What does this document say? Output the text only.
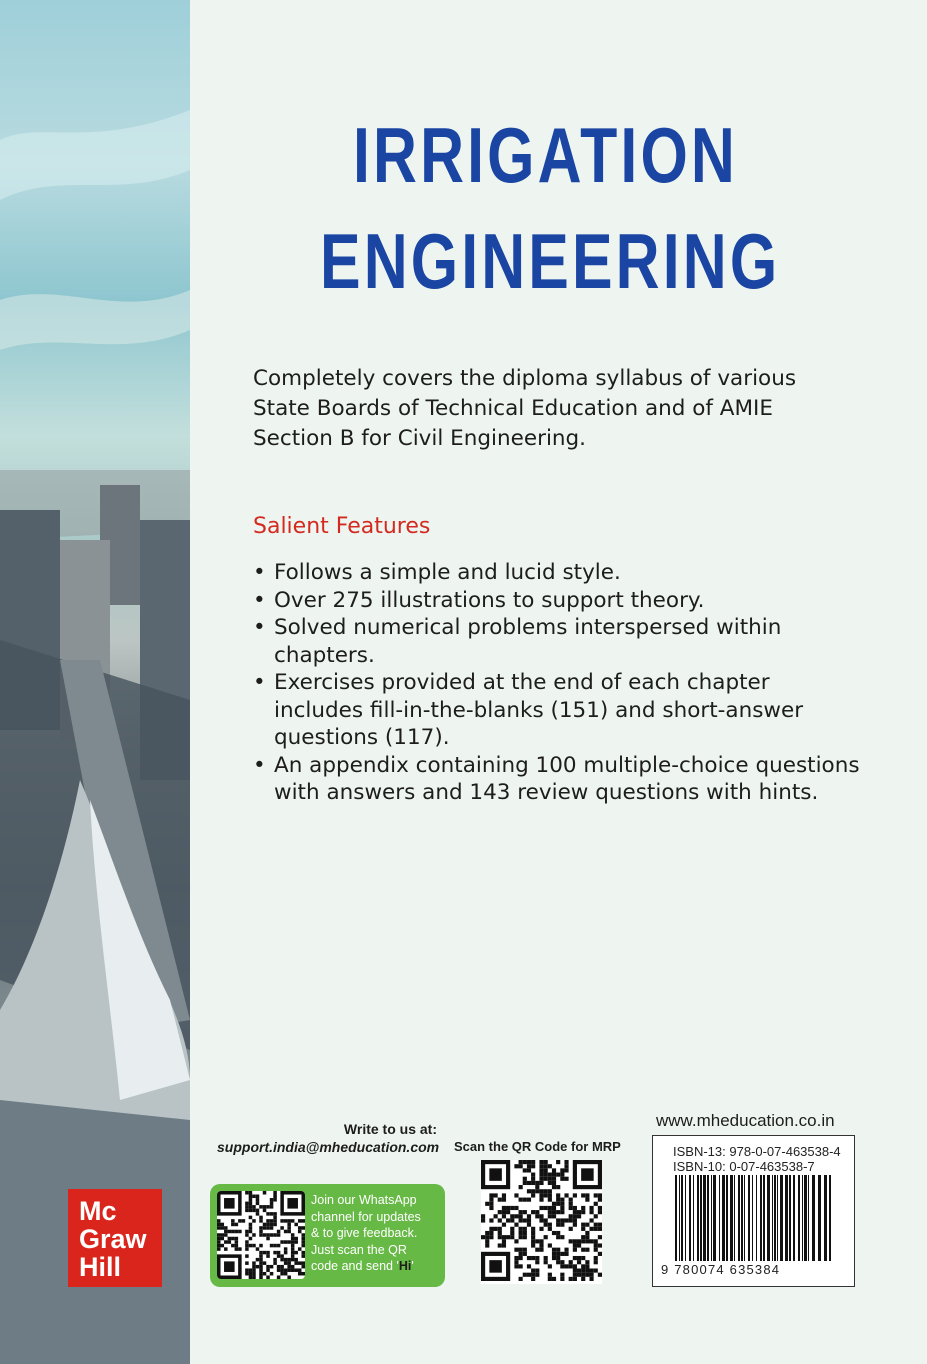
IRRIGATION
ENGINEERING
Completely covers the diploma syllabus of various
State Boards of Technical Education and of AMIE
Section B for Civil Engineering.
Salient Features
• Follows a simple and lucid style.
• Over 275 illustrations to support theory.
• Solved numerical problems interspersed within
chapters.
• Exercises provided at the end of each chapter
includes fill-in-the-blanks (151) and short-answer
questions (117).
• An appendix containing 100 multiple-choice questions
with answers and 143 review questions with hints.
www.mheducation.co.in
ISBN-13: 978-0-07-463538-4
ISBN-10: 0-07-463538-7
9 780074 635384
Write to us at:
support.india@mheducation.com
Join our WhatsApp
channel for updates
& to give feedback.
Just scan the QR
code and send 'Hi'
Scan the QR Code for MRP
Mc
Graw
Hill
